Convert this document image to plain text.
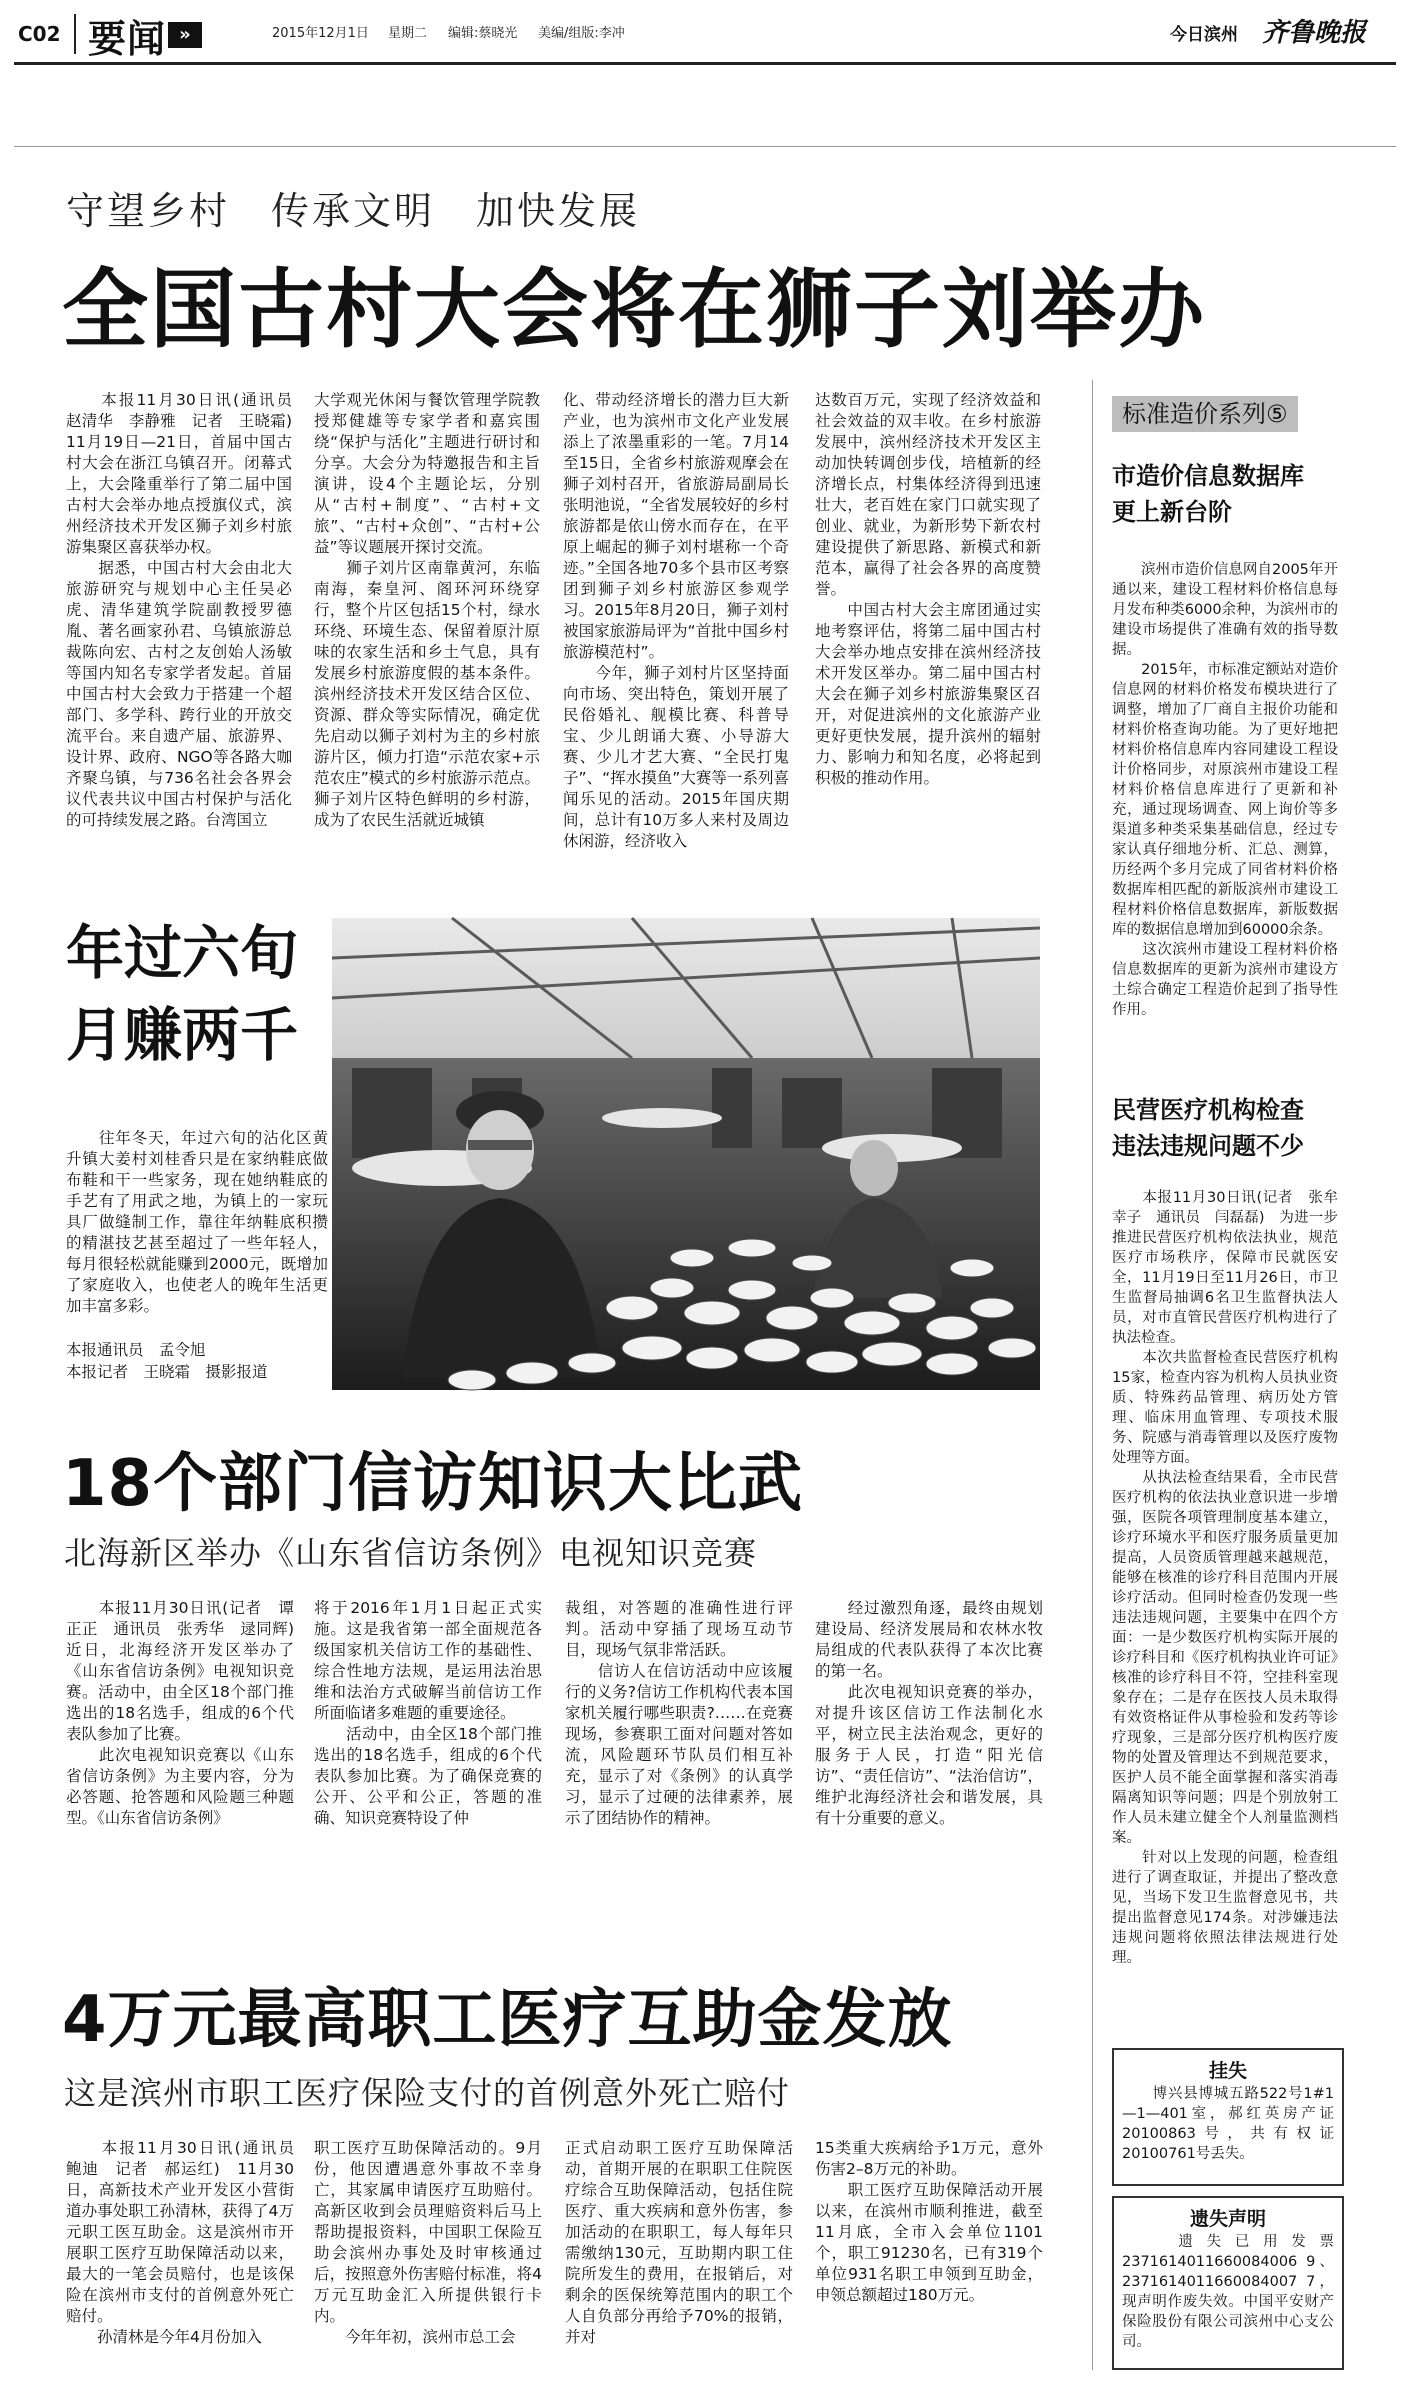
C02 要闻 »	2015年12月1日 星期二 编辑:蔡晓光 美编/组版:李冲	今日滨州 齐鲁晚报
守望乡村　传承文明　加快发展
全国古村大会将在狮子刘举办
　　本报11月30日讯(通讯员　赵清华　李静雅　记者　王晓霜)　11月19日—21日，首届中国古村大会在浙江乌镇召开。闭幕式上，大会隆重举行了第二届中国古村大会举办地点授旗仪式，滨州经济技术开发区狮子刘乡村旅游集聚区喜获举办权。
　　据悉，中国古村大会由北大旅游研究与规划中心主任吴必虎、清华建筑学院副教授罗德胤、著名画家孙君、乌镇旅游总裁陈向宏、古村之友创始人汤敏等国内知名专家学者发起。首届中国古村大会致力于搭建一个超部门、多学科、跨行业的开放交流平台。来自遗产届、旅游界、设计界、政府、NGO等各路大咖齐聚乌镇，与736名社会各界会议代表共议中国古村保护与活化的可持续发展之路。台湾国立
大学观光休闲与餐饮管理学院教授郑健雄等专家学者和嘉宾围绕“保护与活化”主题进行研讨和分享。大会分为特邀报告和主旨演讲，设4个主题论坛，分别从“古村+制度”、“古村+文旅”、“古村+众创”、“古村+公益”等议题展开探讨交流。
　　狮子刘片区南靠黄河，东临南海，秦皇河、阁环河环绕穿行，整个片区包括15个村，绿水环绕、环境生态、保留着原汁原味的农家生活和乡土气息，具有发展乡村旅游度假的基本条件。滨州经济技术开发区结合区位、资源、群众等实际情况，确定优先启动以狮子刘村为主的乡村旅游片区，倾力打造“示范农家+示范农庄”模式的乡村旅游示范点。狮子刘片区特色鲜明的乡村游，成为了农民生活就近城镇
化、带动经济增长的潜力巨大新产业，也为滨州市文化产业发展添上了浓墨重彩的一笔。7月14至15日，全省乡村旅游观摩会在狮子刘村召开，省旅游局副局长张明池说，“全省发展较好的乡村旅游都是依山傍水而存在，在平原上崛起的狮子刘村堪称一个奇迹。”全国各地70多个县市区考察团到狮子刘乡村旅游区参观学习。2015年8月20日，狮子刘村被国家旅游局评为“首批中国乡村旅游模范村”。
　　今年，狮子刘村片区坚持面向市场、突出特色，策划开展了民俗婚礼、舰模比赛、科普导宝、少儿朗诵大赛、小导游大赛、少儿才艺大赛、“全民打鬼子”、“挥水摸鱼”大赛等一系列喜闻乐见的活动。2015年国庆期间，总计有10万多人来村及周边休闲游，经济收入
达数百万元，实现了经济效益和社会效益的双丰收。在乡村旅游发展中，滨州经济技术开发区主动加快转调创步伐，培植新的经济增长点，村集体经济得到迅速壮大，老百姓在家门口就实现了创业、就业，为新形势下新农村建设提供了新思路、新模式和新范本，赢得了社会各界的高度赞誉。
　　中国古村大会主席团通过实地考察评估，将第二届中国古村大会举办地点安排在滨州经济技术开发区举办。第二届中国古村大会在狮子刘乡村旅游集聚区召开，对促进滨州的文化旅游产业更好更快发展，提升滨州的辐射力、影响力和知名度，必将起到积极的推动作用。
年过六旬
月赚两千
　　往年冬天，年过六旬的沾化区黄升镇大姜村刘桂香只是在家纳鞋底做布鞋和干一些家务，现在她纳鞋底的手艺有了用武之地，为镇上的一家玩具厂做缝制工作，靠往年纳鞋底积攒的精湛技艺甚至超过了一些年轻人，每月很轻松就能赚到2000元，既增加了家庭收入，也使老人的晚年生活更加丰富多彩。
本报通讯员　孟令旭
本报记者　王晓霜　摄影报道
18个部门信访知识大比武
北海新区举办《山东省信访条例》电视知识竞赛
　　本报11月30日讯(记者　谭正正　通讯员　张秀华　逯同辉)　近日，北海经济开发区举办了《山东省信访条例》电视知识竞赛。活动中，由全区18个部门推选出的18名选手，组成的6个代表队参加了比赛。
　　此次电视知识竞赛以《山东省信访条例》为主要内容，分为必答题、抢答题和风险题三种题型。《山东省信访条例》
将于2016年1月1日起正式实施。这是我省第一部全面规范各级国家机关信访工作的基础性、综合性地方法规，是运用法治思维和法治方式破解当前信访工作所面临诸多难题的重要途径。
　　活动中，由全区18个部门推选出的18名选手，组成的6个代表队参加比赛。为了确保竞赛的公开、公平和公正，答题的准确、知识竞赛特设了仲
裁组，对答题的准确性进行评判。活动中穿插了现场互动节目，现场气氛非常活跃。
　　信访人在信访活动中应该履行的义务?信访工作机构代表本国家机关履行哪些职责?……在竞赛现场，参赛职工面对问题对答如流，风险题环节队员们相互补充，显示了对《条例》的认真学习，显示了过硬的法律素养，展示了团结协作的精神。
　　经过激烈角逐，最终由规划建设局、经济发展局和农林水牧局组成的代表队获得了本次比赛的第一名。
　　此次电视知识竞赛的举办，对提升该区信访工作法制化水平，树立民主法治观念，更好的服务于人民，打造“阳光信访”、“责任信访”、“法治信访”，维护北海经济社会和谐发展，具有十分重要的意义。
4万元最高职工医疗互助金发放
这是滨州市职工医疗保险支付的首例意外死亡赔付
　　本报11月30日讯(通讯员　鲍迪　记者　郝运红)　11月30日，高新技术产业开发区小营街道办事处职工孙清林，获得了4万元职工医互助金。这是滨州市开展职工医疗互助保障活动以来，最大的一笔会员赔付，也是该保险在滨州市支付的首例意外死亡赔付。
　　孙清林是今年4月份加入
职工医疗互助保障活动的。9月份，他因遭遇意外事故不幸身亡，其家属申请医疗互助赔付。高新区收到会员理赔资料后马上帮助提报资料，中国职工保险互助会滨州办事处及时审核通过后，按照意外伤害赔付标准，将4万元互助金汇入所提供银行卡内。
　　今年年初，滨州市总工会
正式启动职工医疗互助保障活动，首期开展的在职职工住院医疗综合互助保障活动，包括住院医疗、重大疾病和意外伤害，参加活动的在职职工，每人每年只需缴纳130元，互助期内职工住院所发生的费用，在报销后，对剩余的医保统筹范围内的职工个人自负部分再给予70%的报销，并对
15类重大疾病给予1万元，意外伤害2–8万元的补助。
　　职工医疗互助保障活动开展以来，在滨州市顺利推进，截至11月底，全市入会单位1101个，职工91230名，已有319个单位931名职工申领到互助金，申领总额超过180万元。
标准造价系列⑤
市造价信息数据库
更上新台阶
　　滨州市造价信息网自2005年开通以来，建设工程材料价格信息每月发布种类6000余种，为滨州市的建设市场提供了准确有效的指导数据。
　　2015年，市标准定额站对造价信息网的材料价格发布模块进行了调整，增加了厂商自主报价功能和材料价格查询功能。为了更好地把材料价格信息库内容同建设工程设计价格同步，对原滨州市建设工程材料价格信息库进行了更新和补充，通过现场调查、网上询价等多渠道多种类采集基础信息，经过专家认真仔细地分析、汇总、测算，历经两个多月完成了同省材料价格数据库相匹配的新版滨州市建设工程材料价格信息数据库，新版数据库的数据信息增加到60000余条。
　　这次滨州市建设工程材料价格信息数据库的更新为滨州市建设方土综合确定工程造价起到了指导性作用。
民营医疗机构检查
违法违规问题不少
　　本报11月30日讯(记者　张牟幸子　通讯员　闫磊磊)　为进一步推进民营医疗机构依法执业，规范医疗市场秩序，保障市民就医安全，11月19日至11月26日，市卫生监督局抽调6名卫生监督执法人员，对市直管民营医疗机构进行了执法检查。
　　本次共监督检查民营医疗机构15家，检查内容为机构人员执业资质、特殊药品管理、病历处方管理、临床用血管理、专项技术服务、院感与消毒管理以及医疗废物处理等方面。
　　从执法检查结果看，全市民营医疗机构的依法执业意识进一步增强，医院各项管理制度基本建立，诊疗环境水平和医疗服务质量更加提高，人员资质管理越来越规范，能够在核准的诊疗科目范围内开展诊疗活动。但同时检查仍发现一些违法违规问题，主要集中在四个方面：一是少数医疗机构实际开展的诊疗科目和《医疗机构执业许可证》核准的诊疗科目不符，空挂科室现象存在；二是存在医技人员未取得有效资格证件从事检验和发药等诊疗现象，三是部分医疗机构医疗废物的处置及管理达不到规范要求，医护人员不能全面掌握和落实消毒隔离知识等问题；四是个别放射工作人员未建立健全个人剂量监测档案。
　　针对以上发现的问题，检查组进行了调查取证，并提出了整改意见，当场下发卫生监督意见书，共提出监督意见174条。对涉嫌违法违规问题将依照法律法规进行处理。
挂失
　　博兴县博城五路522号1#1—1—401室，郝红英房产证20100863号，共有权证20100761号丢失。
遗失声明
　　遗失已用发票2371614011660084006 9、2371614011660084007 7，现声明作废失效。中国平安财产保险股份有限公司滨州中心支公司。
